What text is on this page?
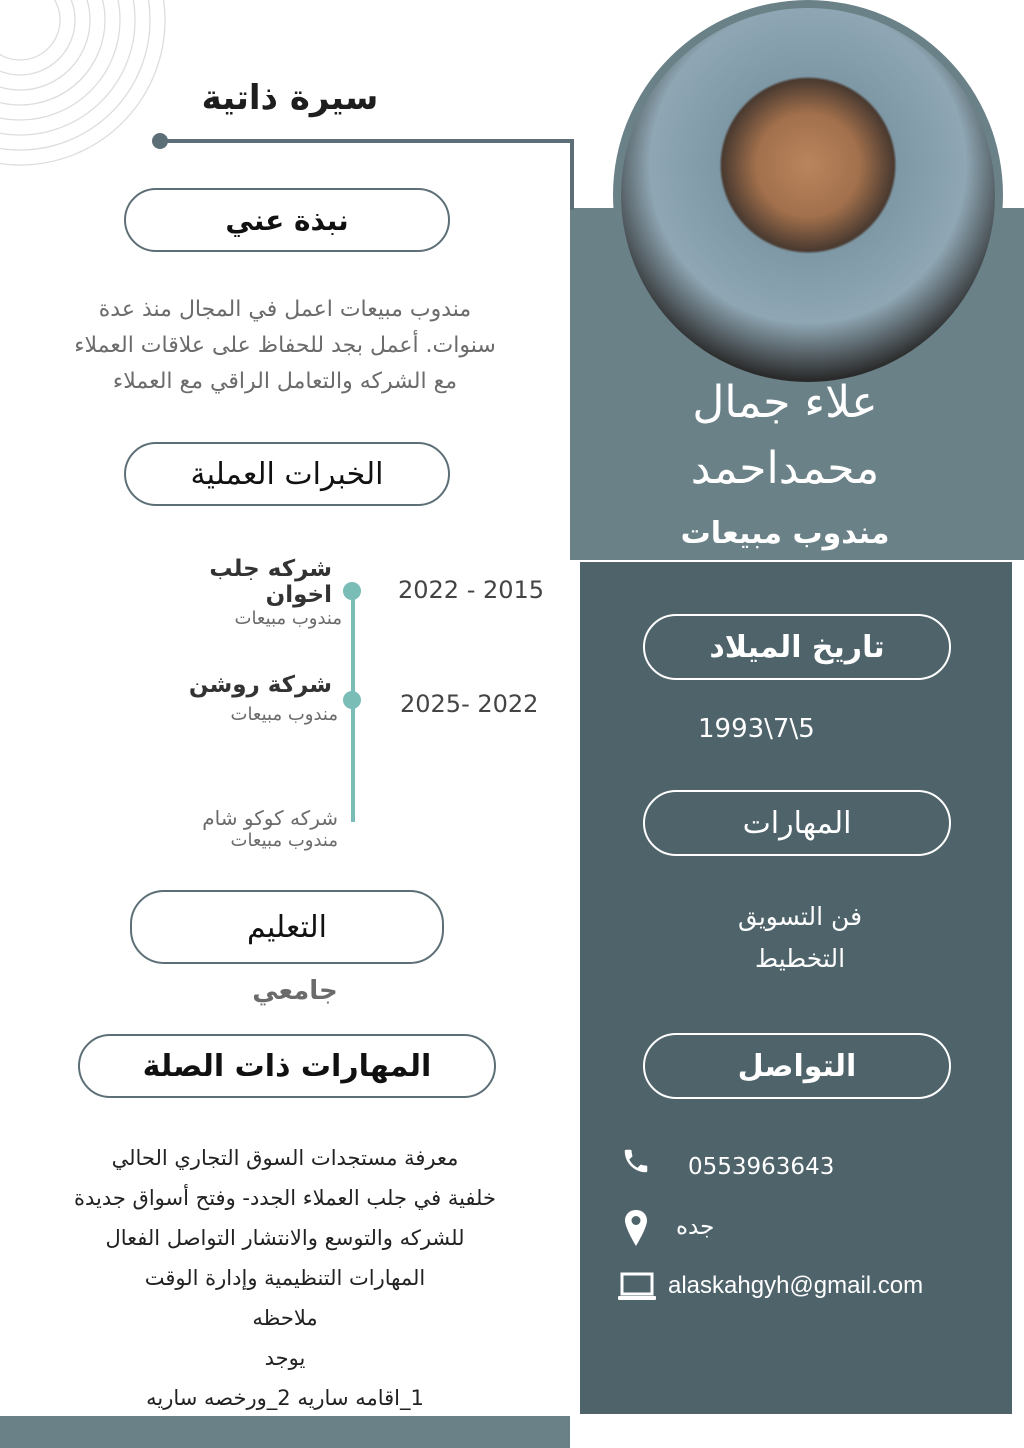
سيرة ذاتية
نبذة عني
مندوب مبيعات اعمل في المجال منذ عدة
سنوات. أعمل بجد للحفاظ على علاقات العملاء
مع الشركه والتعامل الراقي مع العملاء
الخبرات العملية
شركه جلب
اخوان
مندوب مبيعات
2022 - 2015
شركة روشن
مندوب مبيعات	2025- 2022
شركه كوكو شام
مندوب مبيعات
التعليم
جامعي
المهارات ذات الصلة
معرفة مستجدات السوق التجاري الحالي
خلفية في جلب العملاء الجدد- وفتح أسواق جديدة
للشركه والتوسع والانتشار التواصل الفعال
المهارات التنظيمية وإدارة الوقت
ملاحظه
يوجد
1_اقامه ساريه 2_ورخصه ساريه
علاء جمال
محمداحمد
مندوب مبيعات
تاريخ الميلاد
1993\7\5
المهارات
فن التسويق
التخطيط
التواصل
0553963643
جده
alaskahgyh@gmail.com
